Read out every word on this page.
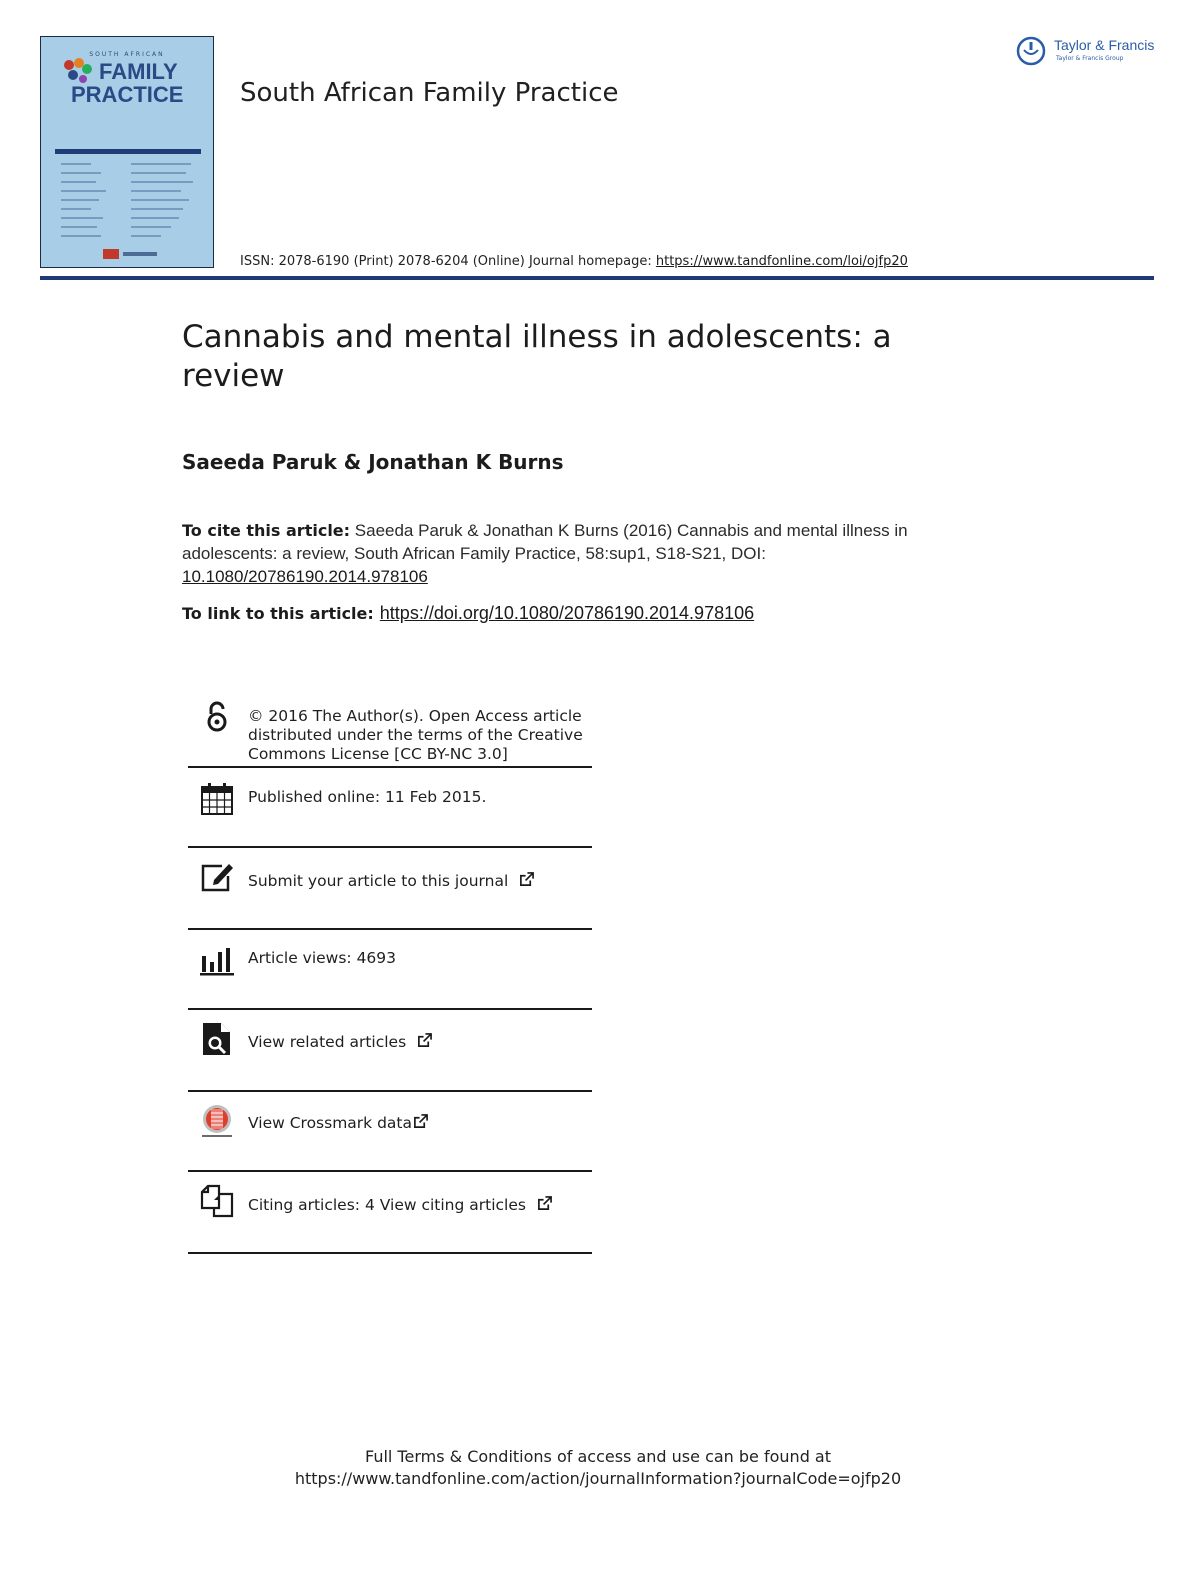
SOUTH AFRICAN
FAMILY
PRACTICE South African Family Practice
ISSN: 2078-6190 (Print) 2078-6204 (Online) Journal homepage: https://www.tandfonline.com/loi/ojfp20
Taylor & Francis
Taylor & Francis Group
Cannabis and mental illness in adolescents: a review
Saeeda Paruk & Jonathan K Burns
To cite this article: Saeeda Paruk & Jonathan K Burns (2016) Cannabis and mental illness in adolescents: a review, South African Family Practice, 58:sup1, S18-S21, DOI: 10.1080/20786190.2014.978106
To link to this article: https://doi.org/10.1080/20786190.2014.978106
© 2016 The Author(s). Open Access article distributed under the terms of the Creative Commons License [CC BY-NC 3.0]
Published online: 11 Feb 2015.
Submit your article to this journal
Article views: 4693
View related articles
View Crossmark data
Citing articles: 4 View citing articles
Full Terms & Conditions of access and use can be found at
https://www.tandfonline.com/action/journalInformation?journalCode=ojfp20
